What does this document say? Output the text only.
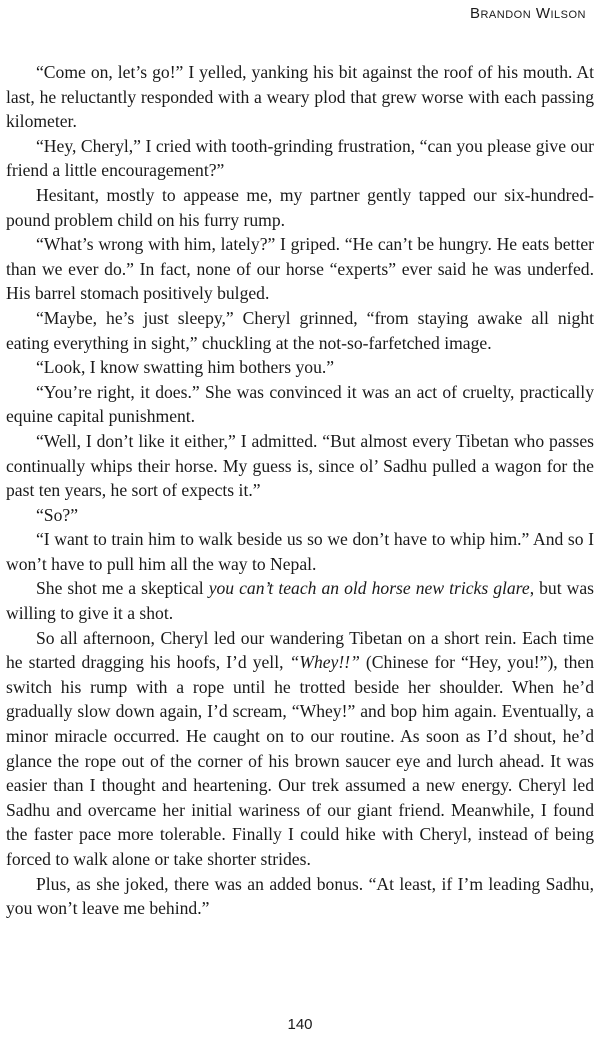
Brandon Wilson

“Come on, let’s go!” I yelled, yanking his bit against the roof of his mouth. At last, he reluctantly responded with a weary plod that grew worse with each passing kilometer.

“Hey, Cheryl,” I cried with tooth-grinding frustration, “can you please give our friend a little encouragement?”

Hesitant, mostly to appease me, my partner gently tapped our six-hundred-pound problem child on his furry rump.

“What’s wrong with him, lately?” I griped. “He can’t be hungry. He eats better than we ever do.” In fact, none of our horse “experts” ever said he was underfed. His barrel stomach positively bulged.

“Maybe, he’s just sleepy,” Cheryl grinned, “from staying awake all night eating everything in sight,” chuckling at the not-so-farfetched image.

“Look, I know swatting him bothers you.”

“You’re right, it does.” She was convinced it was an act of cruelty, practically equine capital punishment.

“Well, I don’t like it either,” I admitted. “But almost every Tibetan who passes continually whips their horse. My guess is, since ol’ Sadhu pulled a wagon for the past ten years, he sort of expects it.”

“So?”

“I want to train him to walk beside us so we don’t have to whip him.” And so I won’t have to pull him all the way to Nepal.

She shot me a skeptical you can’t teach an old horse new tricks glare, but was willing to give it a shot.

So all afternoon, Cheryl led our wandering Tibetan on a short rein. Each time he started dragging his hoofs, I’d yell, “Whey!!” (Chinese for “Hey, you!”), then switch his rump with a rope until he trotted beside her shoulder. When he’d gradually slow down again, I’d scream, “Whey!” and bop him again. Eventually, a minor miracle occurred. He caught on to our routine. As soon as I’d shout, he’d glance the rope out of the corner of his brown saucer eye and lurch ahead. It was easier than I thought and heartening. Our trek assumed a new energy. Cheryl led Sadhu and overcame her initial wariness of our giant friend. Meanwhile, I found the faster pace more tolerable. Finally I could hike with Cheryl, instead of being forced to walk alone or take shorter strides.

Plus, as she joked, there was an added bonus. “At least, if I’m leading Sadhu, you won’t leave me behind.”

140
